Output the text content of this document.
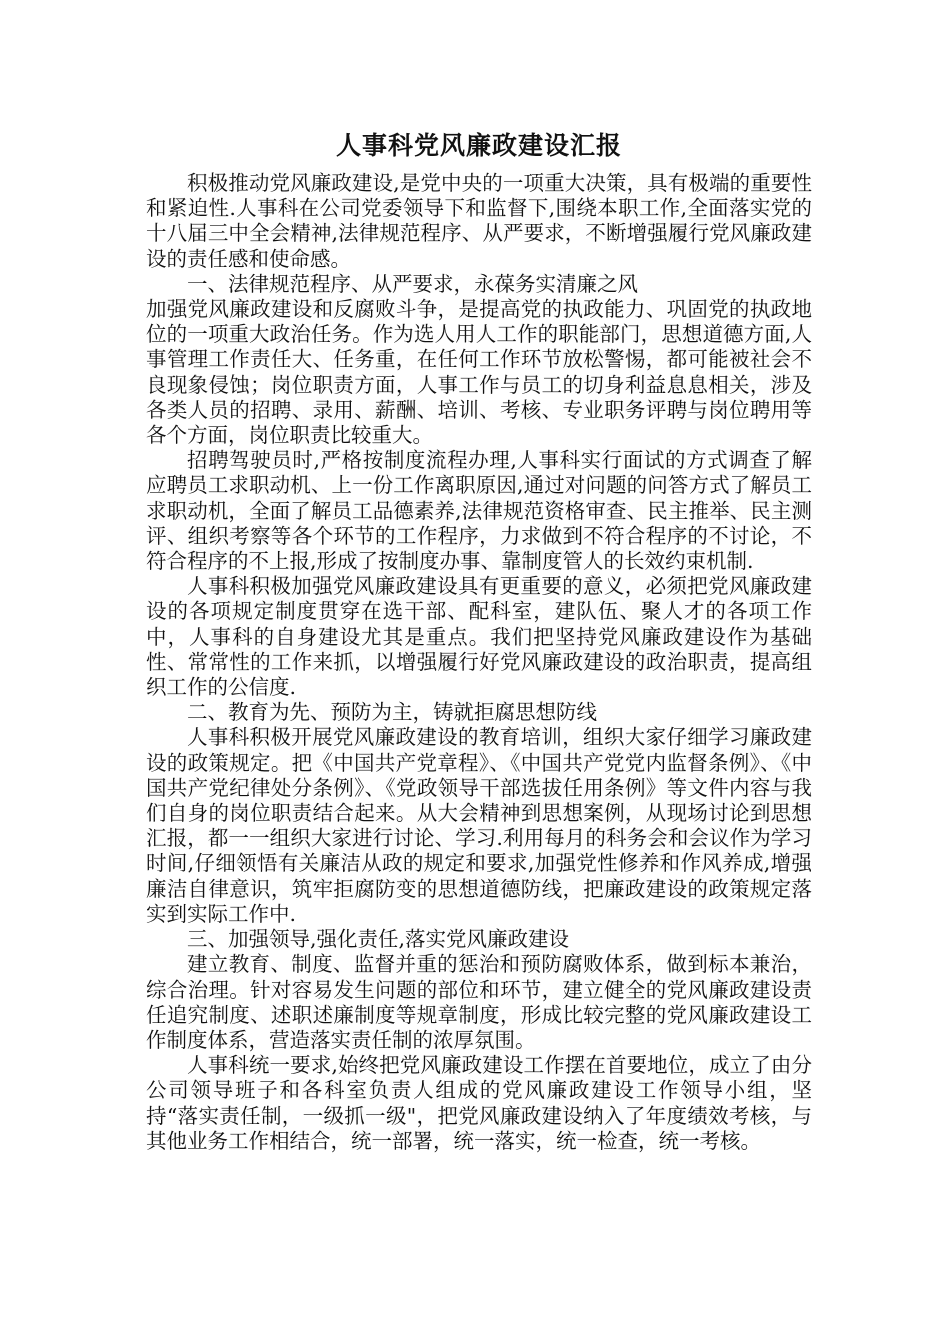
人事科党风廉政建设汇报

积极推动党风廉政建设,是党中央的一项重大决策，具有极端的重要性和紧迫性.人事科在公司党委领导下和监督下,围绕本职工作,全面落实党的十八届三中全会精神,法律规范程序、从严要求，不断增强履行党风廉政建设的责任感和使命感。

一、法律规范程序、从严要求，永葆务实清廉之风

加强党风廉政建设和反腐败斗争，是提高党的执政能力、巩固党的执政地位的一项重大政治任务。作为选人用人工作的职能部门，思想道德方面,人事管理工作责任大、任务重，在任何工作环节放松警惕，都可能被社会不良现象侵蚀；岗位职责方面，人事工作与员工的切身利益息息相关，涉及各类人员的招聘、录用、薪酬、培训、考核、专业职务评聘与岗位聘用等各个方面，岗位职责比较重大。

招聘驾驶员时,严格按制度流程办理,人事科实行面试的方式调查了解应聘员工求职动机、上一份工作离职原因,通过对问题的问答方式了解员工求职动机，全面了解员工品德素养,法律规范资格审查、民主推举、民主测评、组织考察等各个环节的工作程序，力求做到不符合程序的不讨论，不符合程序的不上报,形成了按制度办事、靠制度管人的长效约束机制.

人事科积极加强党风廉政建设具有更重要的意义，必须把党风廉政建设的各项规定制度贯穿在选干部、配科室，建队伍、聚人才的各项工作中，人事科的自身建设尤其是重点。我们把坚持党风廉政建设作为基础性、常常性的工作来抓，以增强履行好党风廉政建设的政治职责，提高组织工作的公信度.

二、教育为先、预防为主，铸就拒腐思想防线

人事科积极开展党风廉政建设的教育培训，组织大家仔细学习廉政建设的政策规定。把《中国共产党章程》、《中国共产党党内监督条例》、《中国共产党纪律处分条例》、《党政领导干部选拔任用条例》等文件内容与我们自身的岗位职责结合起来。从大会精神到思想案例，从现场讨论到思想汇报，都一一组织大家进行讨论、学习.利用每月的科务会和会议作为学习时间,仔细领悟有关廉洁从政的规定和要求,加强党性修养和作风养成,增强廉洁自律意识，筑牢拒腐防变的思想道德防线，把廉政建设的政策规定落实到实际工作中.

三、加强领导,强化责任,落实党风廉政建设

建立教育、制度、监督并重的惩治和预防腐败体系，做到标本兼治，综合治理。针对容易发生问题的部位和环节，建立健全的党风廉政建设责任追究制度、述职述廉制度等规章制度，形成比较完整的党风廉政建设工作制度体系，营造落实责任制的浓厚氛围。

人事科统一要求,始终把党风廉政建设工作摆在首要地位，成立了由分公司领导班子和各科室负责人组成的党风廉政建设工作领导小组，坚持“落实责任制，一级抓一级"，把党风廉政建设纳入了年度绩效考核，与其他业务工作相结合，统一部署，统一落实，统一检查，统一考核。
